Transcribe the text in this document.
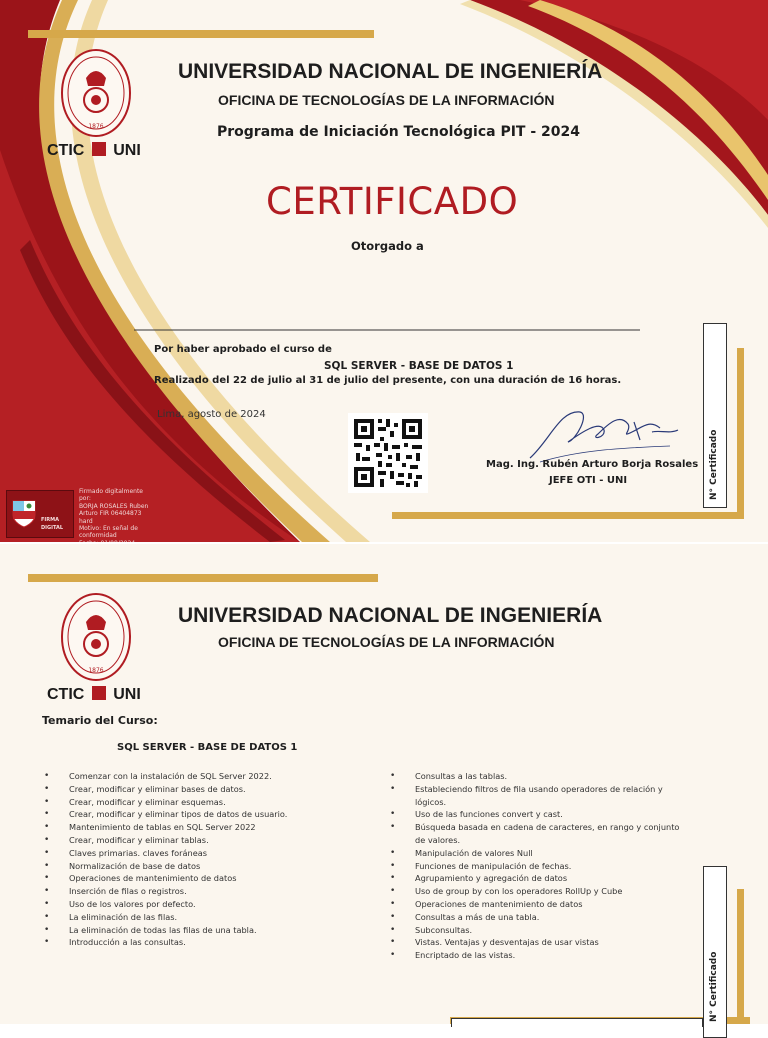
1876
CTIC UNI
UNIVERSIDAD NACIONAL DE INGENIERÍA
OFICINA DE TECNOLOGÍAS DE LA INFORMACIÓN
Programa de Iniciación Tecnológica PIT - 2024
CERTIFICADO
Otorgado a
Por haber aprobado el curso de
SQL SERVER - BASE DE DATOS 1
Realizado del 22 de julio al 31 de julio del presente, con una duración de 16 horas.
Lima, agosto de 2024
Mag. Ing. Rubén Arturo Borja Rosales
JEFE OTI - UNI	N° Certificado
FIRMA
DIGITAL
Firmado digitalmente por:
BORJA ROSALES Ruben
Arturo FIR 06404873 hard
Motivo: En señal de
conformidad
1876
CTIC UNI
UNIVERSIDAD NACIONAL DE INGENIERÍA
OFICINA DE TECNOLOGÍAS DE LA INFORMACIÓN
Temario del Curso:
SQL SERVER - BASE DE DATOS 1
• Comenzar con la instalación de SQL Server 2022.
• Crear, modificar y eliminar bases de datos.
• Crear, modificar y eliminar esquemas.
• Crear, modificar y eliminar tipos de datos de usuario.
• Mantenimiento de tablas en SQL Server 2022
• Crear, modificar y eliminar tablas.
• Claves primarias. claves foráneas
• Normalización de base de datos
• Operaciones de mantenimiento de datos
• Inserción de filas o registros.
• Uso de los valores por defecto.
• La eliminación de las filas.
• La eliminación de todas las filas de una tabla.
• Introducción a las consultas.
• Consultas a las tablas.
• Estableciendo filtros de fila usando operadores de relación y lógicos.
• Uso de las funciones convert y cast.
• Búsqueda basada en cadena de caracteres, en rango y conjunto de valores.
• Manipulación de valores Null
• Funciones de manipulación de fechas.
• Agrupamiento y agregación de datos
• Uso de group by con los operadores RollUp y Cube
• Operaciones de mantenimiento de datos
• Consultas a más de una tabla.
• Subconsultas.
• Vistas. Ventajas y desventajas de usar vistas
• Encriptado de las vistas.	N° Certificado
